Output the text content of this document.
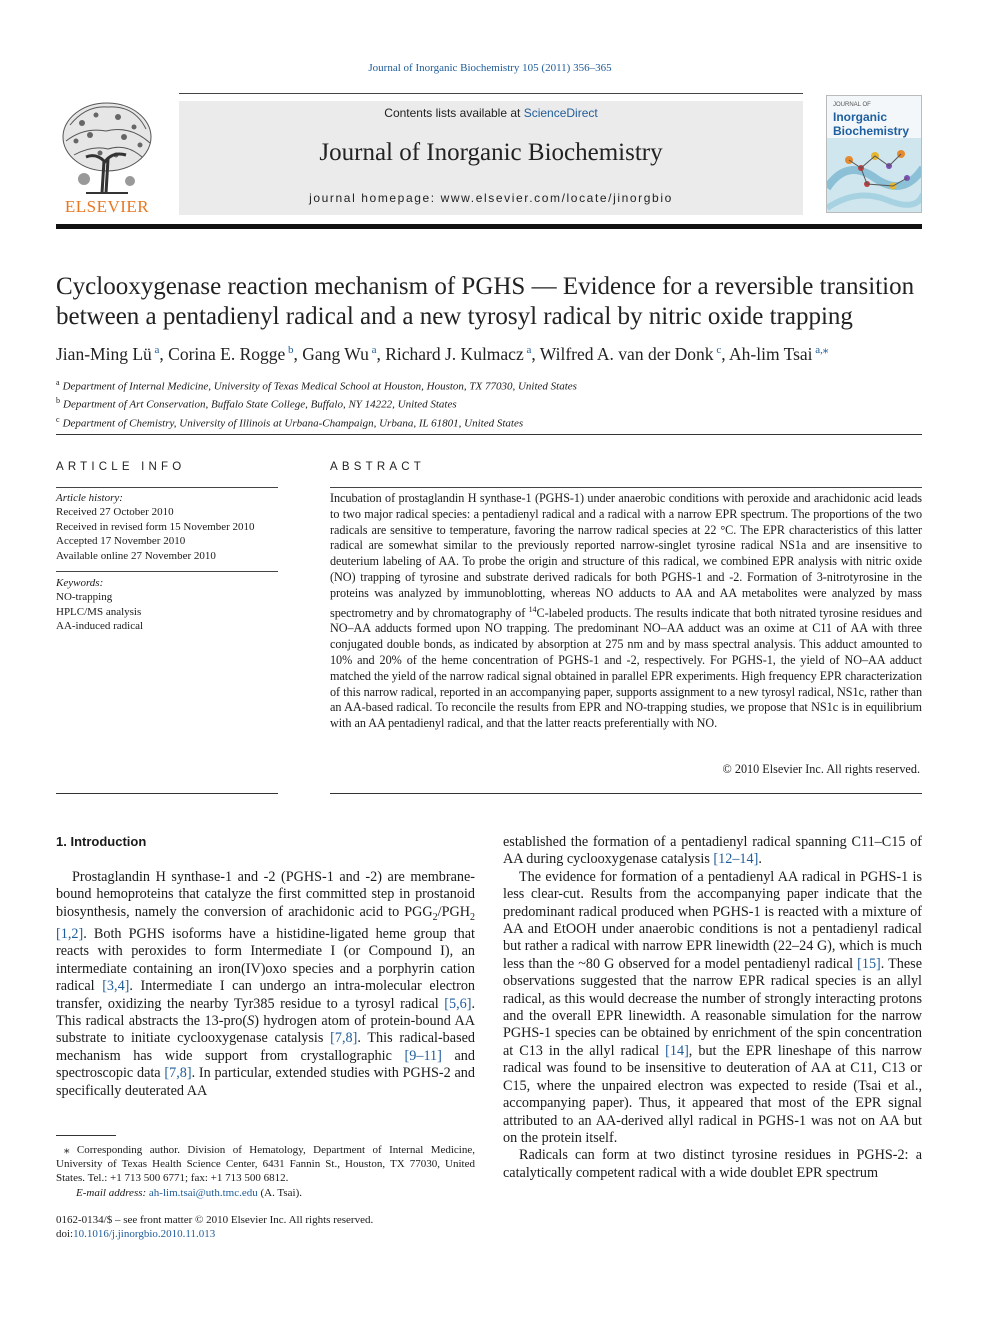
Journal of Inorganic Biochemistry 105 (2011) 356–365
ELSEVIER
Contents lists available at ScienceDirect
Journal of Inorganic Biochemistry
journal homepage: www.elsevier.com/locate/jinorgbio
JOURNAL OF
Inorganic
Biochemistry
Cyclooxygenase reaction mechanism of PGHS — Evidence for a reversible transition between a pentadienyl radical and a new tyrosyl radical by nitric oxide trapping
Jian-Ming Lü $^a$, Corina E. Rogge $^b$, Gang Wu $^a$, Richard J. Kulmacz $^a$, Wilfred A. van der Donk $^c$, Ah-lim Tsai $^{a,⁎}$
$^a$ Department of Internal Medicine, University of Texas Medical School at Houston, Houston, TX 77030, United States
$^b$ Department of Art Conservation, Buffalo State College, Buffalo, NY 14222, United States
$^c$ Department of Chemistry, University of Illinois at Urbana-Champaign, Urbana, IL 61801, United States
ARTICLE INFO
Article history:
Received 27 October 2010
Received in revised form 15 November 2010
Accepted 17 November 2010
Available online 27 November 2010
Keywords:
NO-trapping
HPLC/MS analysis
AA-induced radical
ABSTRACT
Incubation of prostaglandin H synthase-1 (PGHS-1) under anaerobic conditions with peroxide and arachidonic acid leads to two major radical species: a pentadienyl radical and a radical with a narrow EPR spectrum. The proportions of the two radicals are sensitive to temperature, favoring the narrow radical species at 22 °C. The EPR characteristics of this latter radical are somewhat similar to the previously reported narrow-singlet tyrosine radical NS1a and are insensitive to deuterium labeling of AA. To probe the origin and structure of this radical, we combined EPR analysis with nitric oxide (NO) trapping of tyrosine and substrate derived radicals for both PGHS-1 and -2. Formation of 3-nitrotyrosine in the proteins was analyzed by immunoblotting, whereas NO adducts to AA and AA metabolites were analyzed by mass spectrometry and by chromatography of $^{14}$C-labeled products. The results indicate that both nitrated tyrosine residues and NO–AA adducts formed upon NO trapping. The predominant NO–AA adduct was an oxime at C11 of AA with three conjugated double bonds, as indicated by absorption at 275 nm and by mass spectral analysis. This adduct amounted to 10% and 20% of the heme concentration of PGHS-1 and -2, respectively. For PGHS-1, the yield of NO–AA adduct matched the yield of the narrow radical signal obtained in parallel EPR experiments. High frequency EPR characterization of this narrow radical, reported in an accompanying paper, supports assignment to a new tyrosyl radical, NS1c, rather than an AA-based radical. To reconcile the results from EPR and NO-trapping studies, we propose that NS1c is in equilibrium with an AA pentadienyl radical, and that the latter reacts preferentially with NO.
© 2010 Elsevier Inc. All rights reserved.
1. Introduction

Prostaglandin H synthase-1 and -2 (PGHS-1 and -2) are membrane-bound hemoproteins that catalyze the first committed step in prostanoid biosynthesis, namely the conversion of arachidonic acid to $PGG_2/PGH_2$ [1,2]. Both PGHS isoforms have a histidine-ligated heme group that reacts with peroxides to form Intermediate I (or Compound I), an intermediate containing an iron(IV)oxo species and a porphyrin cation radical [3,4]. Intermediate I can undergo an intra-molecular electron transfer, oxidizing the nearby Tyr385 residue to a tyrosyl radical [5,6]. This radical abstracts the 13-pro(S) hydrogen atom of protein-bound AA substrate to initiate cyclooxygenase catalysis [7,8]. This radical-based mechanism has wide support from crystallographic [9–11] and spectroscopic data [7,8]. In particular, extended studies with PGHS-2 and specifically deuterated AA

established the formation of a pentadienyl radical spanning C11–C15 of AA during cyclooxygenase catalysis [12–14].

The evidence for formation of a pentadienyl AA radical in PGHS-1 is less clear-cut. Results from the accompanying paper indicate that the predominant radical produced when PGHS-1 is reacted with a mixture of AA and EtOOH under anaerobic conditions is not a pentadienyl radical but rather a radical with narrow EPR linewidth (22–24 G), which is much less than the ~80 G observed for a model pentadienyl radical [15]. These observations suggested that the narrow EPR radical species is an allyl radical, as this would decrease the number of strongly interacting protons and the overall EPR linewidth. A reasonable simulation for the narrow PGHS-1 species can be obtained by enrichment of the spin concentration at C13 in the allyl radical [14], but the EPR lineshape of this narrow radical was found to be insensitive to deuteration of AA at C11, C13 or C15, where the unpaired electron was expected to reside (Tsai et al., accompanying paper). Thus, it appeared that most of the EPR signal attributed to an AA-derived allyl radical in PGHS-1 was not on AA but on the protein itself.

Radicals can form at two distinct tyrosine residues in PGHS-2: a catalytically competent radical with a wide doublet EPR spectrum

⁎ Corresponding author. Division of Hematology, Department of Internal Medicine, University of Texas Health Science Center, 6431 Fannin St., Houston, TX 77030, United States. Tel.: +1 713 500 6771; fax: +1 713 500 6812.
E-mail address: ah-lim.tsai@uth.tmc.edu (A. Tsai).
0162-0134/$ – see front matter © 2010 Elsevier Inc. All rights reserved.
doi:10.1016/j.jinorgbio.2010.11.013
